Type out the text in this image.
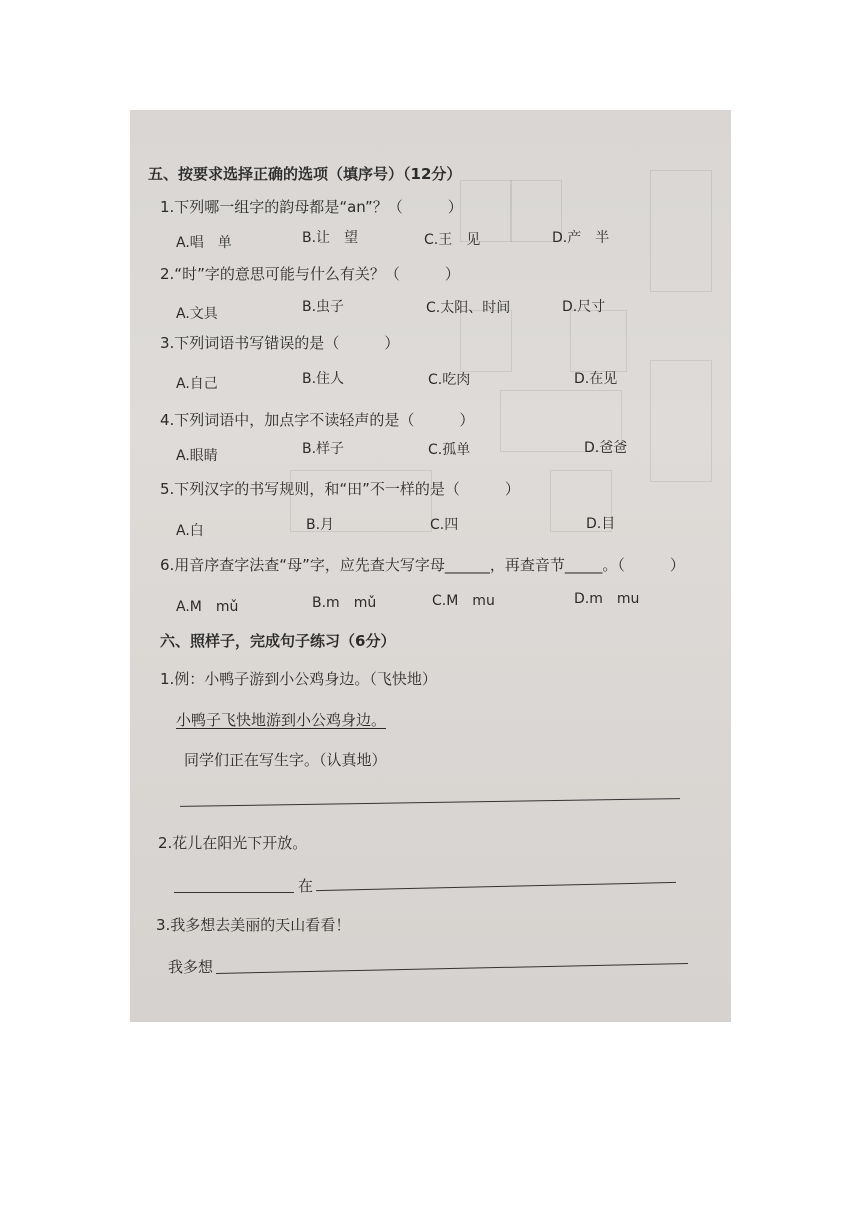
五、按要求选择正确的选项（填序号）（12分）
1.下列哪一组字的韵母都是“an”？（　　　）
A.唱　单	B.让　望	C.王　见	D.产　半
2.“时”字的意思可能与什么有关？（　　　）
A.文具	B.虫子	C.太阳、时间	D.尺寸
3.下列词语书写错误的是（　　　）
A.自己	B.住人	C.吃肉	D.在见
4.下列词语中，加点字不读轻声的是（　　　）
A.眼睛	B.样子	C.孤单	D.爸爸
5.下列汉字的书写规则，和“田”不一样的是（　　　）
A.白	B.月	C.四	D.目
6.用音序查字法查“母”字，应先查大写字母______，再查音节_____。（　　　）
A.M　mǔ	B.m　mǔ	C.M　mu	D.m　mu
六、照样子，完成句子练习（6分）
1.例：小鸭子游到小公鸡身边。（飞快地）
小鸭子飞快地游到小公鸡身边。
同学们正在写生字。（认真地）
2.花儿在阳光下开放。
在
3.我多想去美丽的天山看看！
我多想
